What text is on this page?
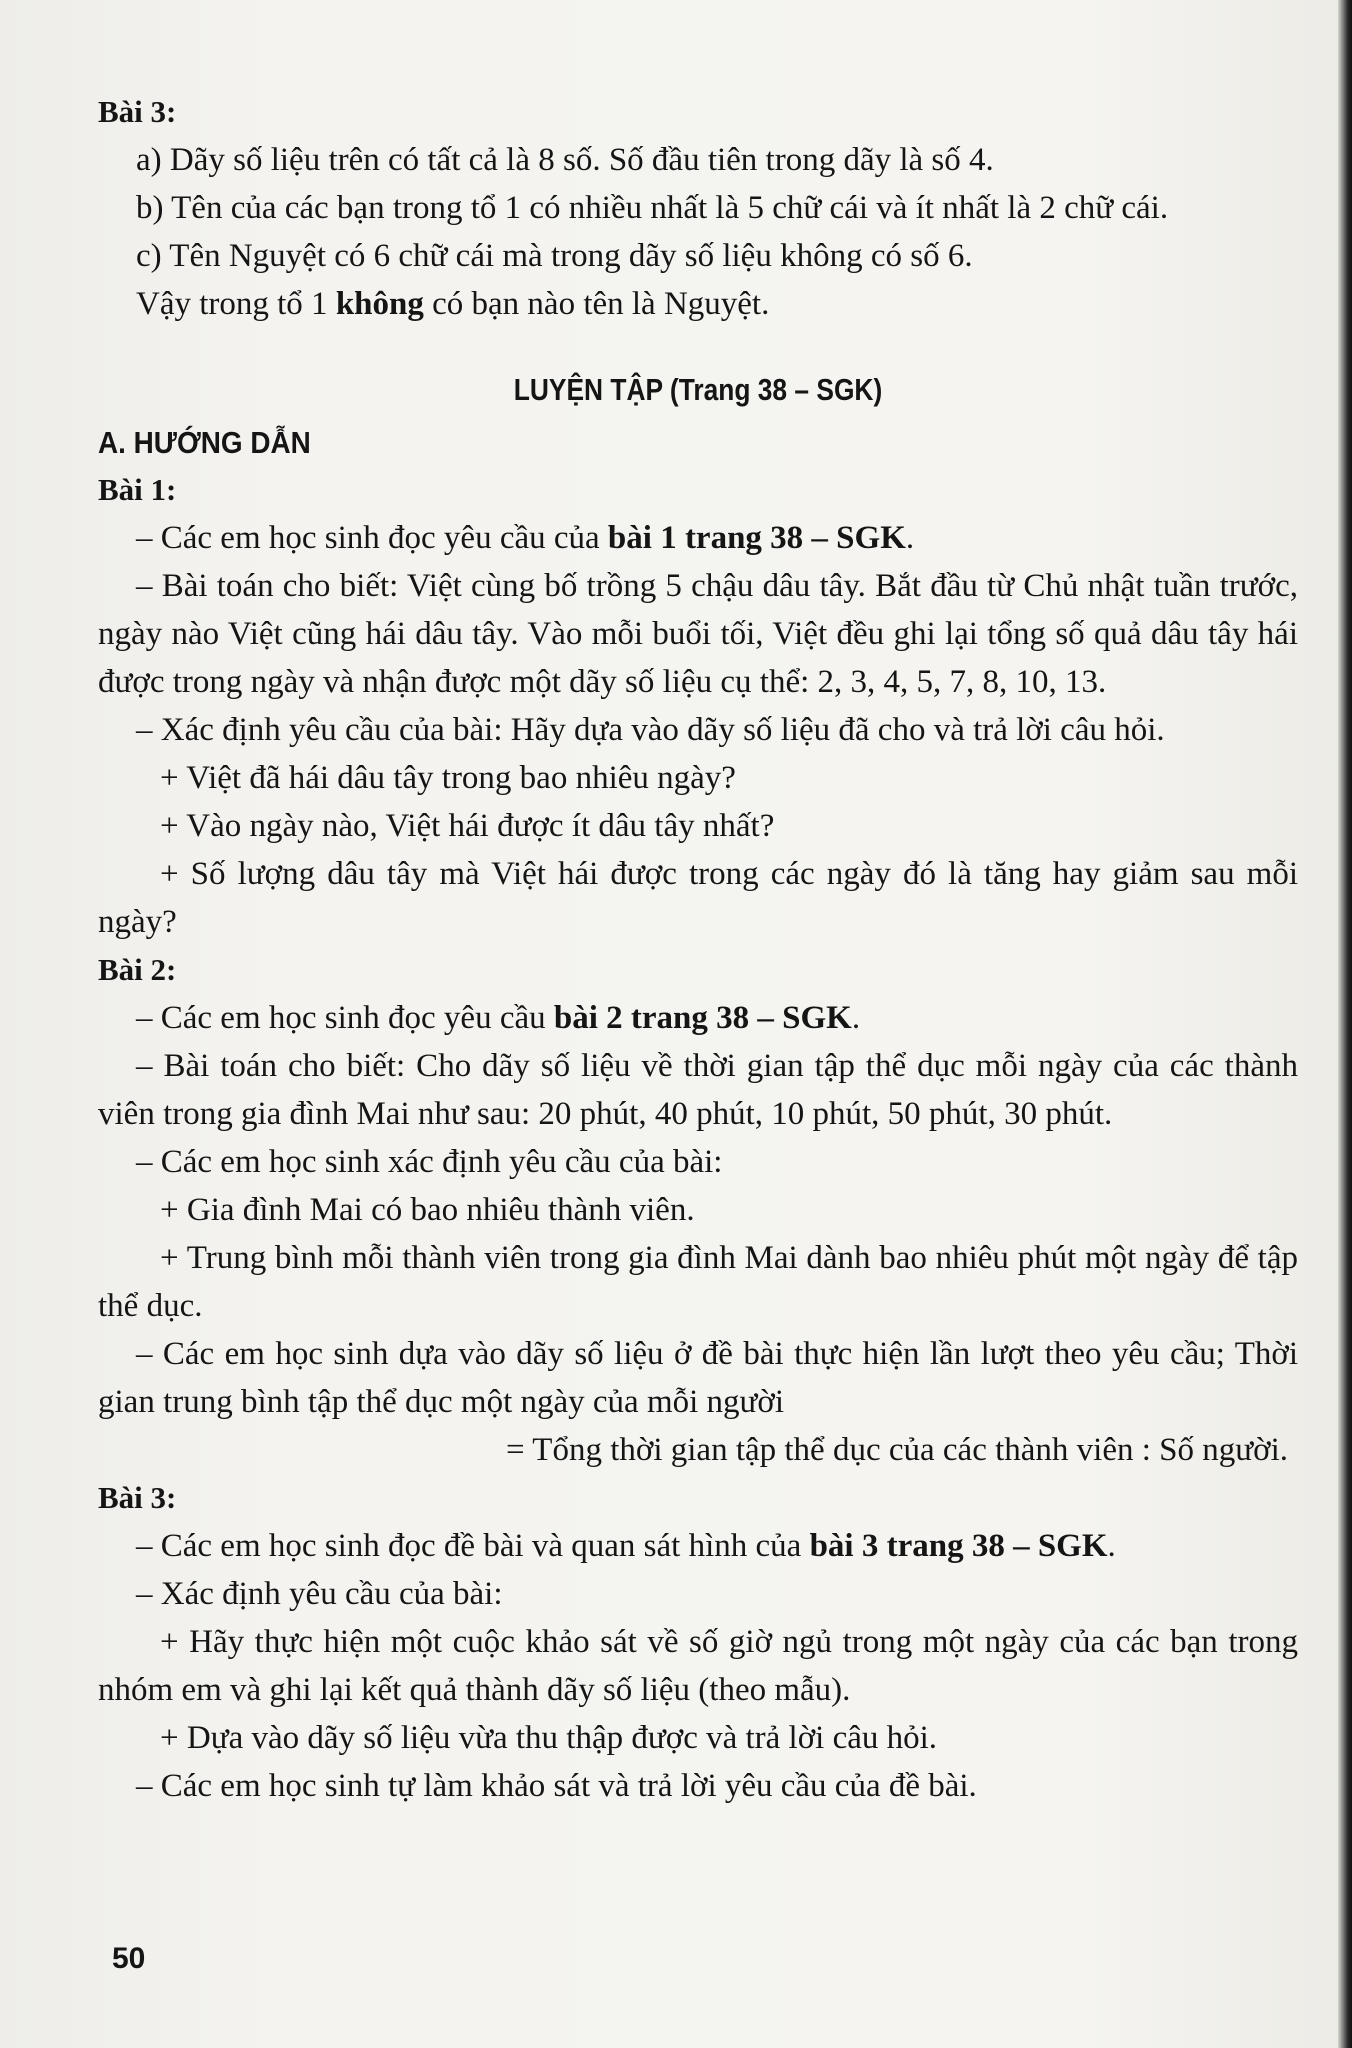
Bài 3:

a) Dãy số liệu trên có tất cả là 8 số. Số đầu tiên trong dãy là số 4.

b) Tên của các bạn trong tổ 1 có nhiều nhất là 5 chữ cái và ít nhất là 2 chữ cái.

c) Tên Nguyệt có 6 chữ cái mà trong dãy số liệu không có số 6.

Vậy trong tổ 1 không có bạn nào tên là Nguyệt.

LUYỆN TẬP (Trang 38 – SGK)
A. HƯỚNG DẪN

Bài 1:

– Các em học sinh đọc yêu cầu của bài 1 trang 38 – SGK.

– Bài toán cho biết: Việt cùng bố trồng 5 chậu dâu tây. Bắt đầu từ Chủ nhật tuần trước, ngày nào Việt cũng hái dâu tây. Vào mỗi buổi tối, Việt đều ghi lại tổng số quả dâu tây hái được trong ngày và nhận được một dãy số liệu cụ thể: 2, 3, 4, 5, 7, 8, 10, 13.

– Xác định yêu cầu của bài: Hãy dựa vào dãy số liệu đã cho và trả lời câu hỏi.

+ Việt đã hái dâu tây trong bao nhiêu ngày?

+ Vào ngày nào, Việt hái được ít dâu tây nhất?

+ Số lượng dâu tây mà Việt hái được trong các ngày đó là tăng hay giảm sau mỗi ngày?

Bài 2:

– Các em học sinh đọc yêu cầu bài 2 trang 38 – SGK.

– Bài toán cho biết: Cho dãy số liệu về thời gian tập thể dục mỗi ngày của các thành viên trong gia đình Mai như sau: 20 phút, 40 phút, 10 phút, 50 phút, 30 phút.

– Các em học sinh xác định yêu cầu của bài:

+ Gia đình Mai có bao nhiêu thành viên.

+ Trung bình mỗi thành viên trong gia đình Mai dành bao nhiêu phút một ngày để tập thể dục.

– Các em học sinh dựa vào dãy số liệu ở đề bài thực hiện lần lượt theo yêu cầu; Thời gian trung bình tập thể dục một ngày của mỗi người

= Tổng thời gian tập thể dục của các thành viên : Số người.

Bài 3:

– Các em học sinh đọc đề bài và quan sát hình của bài 3 trang 38 – SGK.

– Xác định yêu cầu của bài:

+ Hãy thực hiện một cuộc khảo sát về số giờ ngủ trong một ngày của các bạn trong nhóm em và ghi lại kết quả thành dãy số liệu (theo mẫu).

+ Dựa vào dãy số liệu vừa thu thập được và trả lời câu hỏi.

– Các em học sinh tự làm khảo sát và trả lời yêu cầu của đề bài.

50
